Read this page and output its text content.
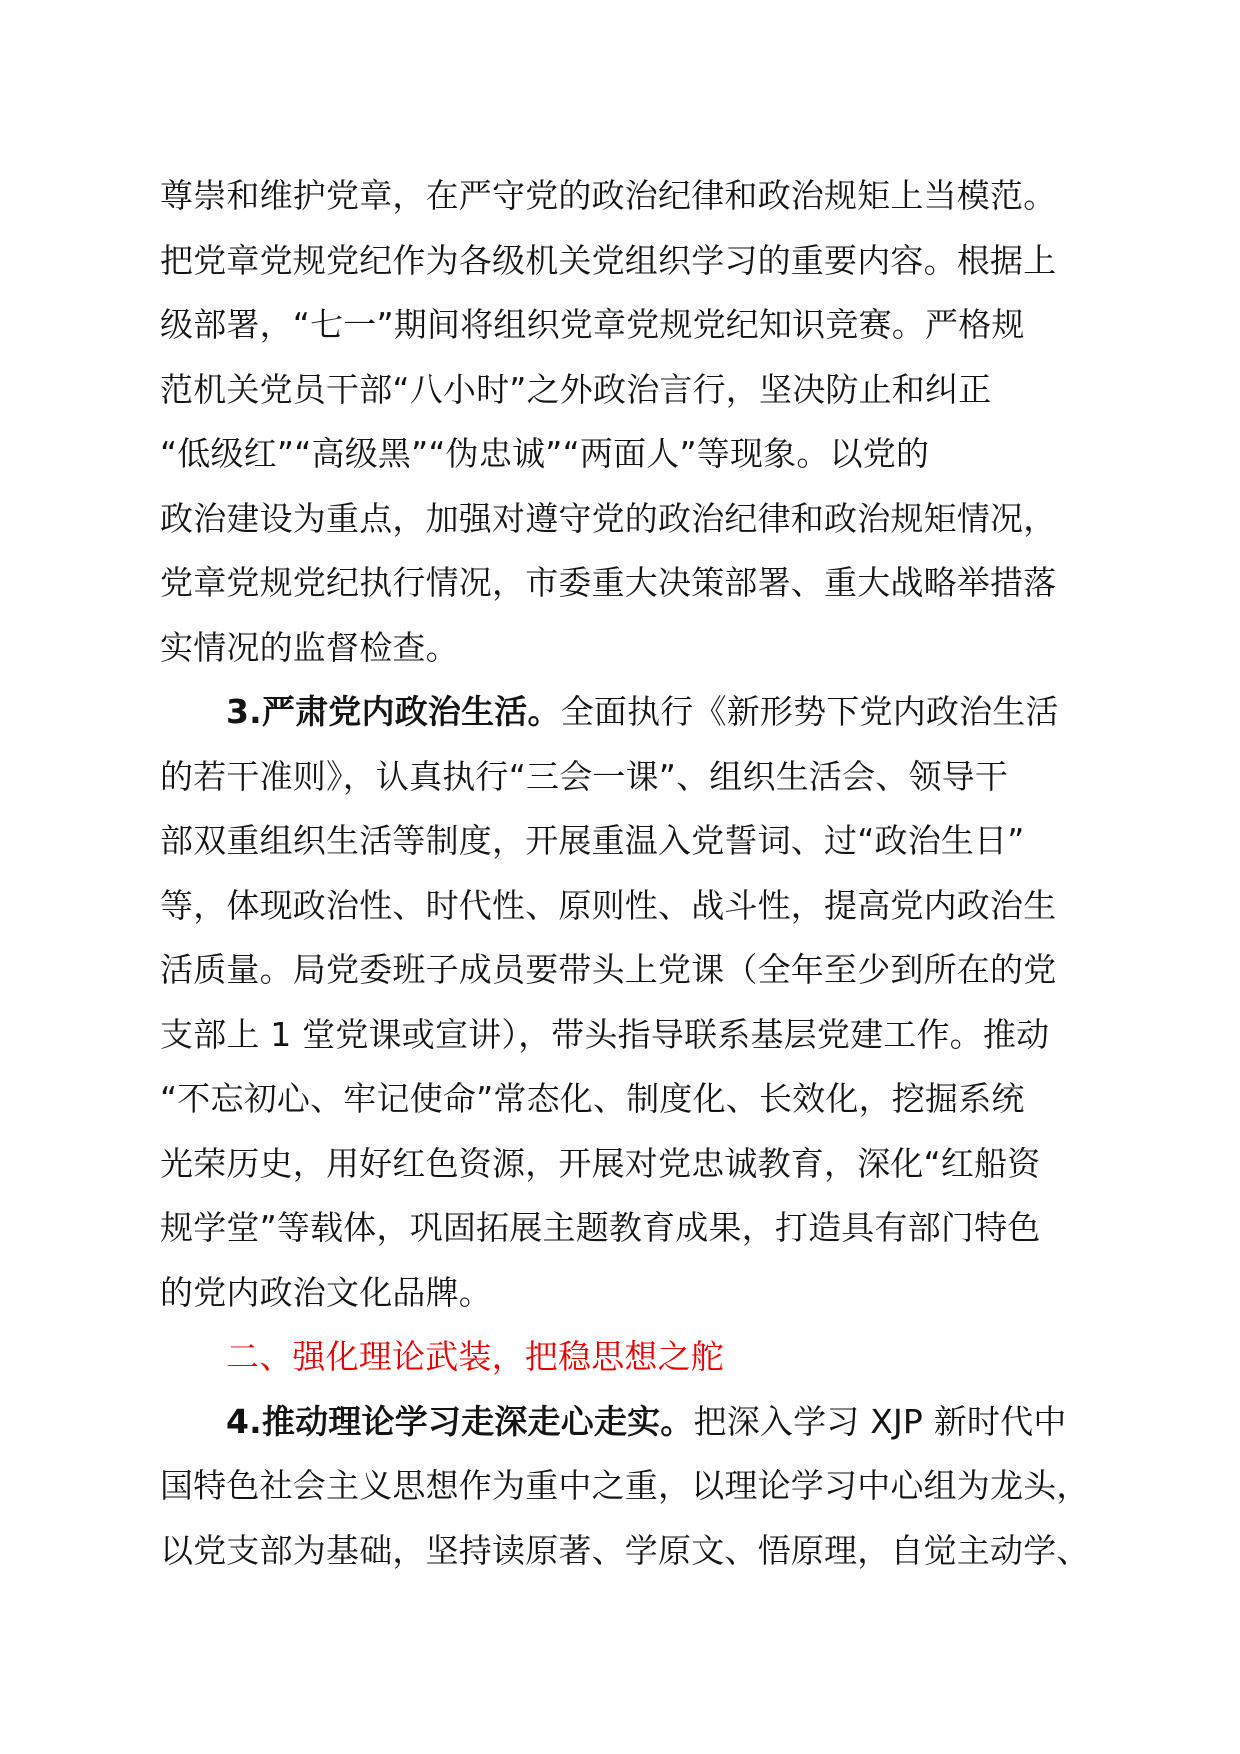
尊崇和维护党章，在严守党的政治纪律和政治规矩上当模范。
把党章党规党纪作为各级机关党组织学习的重要内容。根据上
级部署，“七一”期间将组织党章党规党纪知识竞赛。严格规
范机关党员干部“八小时”之外政治言行，坚决防止和纠正
“低级红”“高级黑”“伪忠诚”“两面人”等现象。以党的
政治建设为重点，加强对遵守党的政治纪律和政治规矩情况，
党章党规党纪执行情况，市委重大决策部署、重大战略举措落
实情况的监督检查。
3.严肃党内政治生活。全面执行《新形势下党内政治生活
的若干准则》，认真执行“三会一课”、组织生活会、领导干
部双重组织生活等制度，开展重温入党誓词、过“政治生日”
等，体现政治性、时代性、原则性、战斗性，提高党内政治生
活质量。局党委班子成员要带头上党课（全年至少到所在的党
支部上 1 堂党课或宣讲），带头指导联系基层党建工作。推动
“不忘初心、牢记使命”常态化、制度化、长效化，挖掘系统
光荣历史，用好红色资源，开展对党忠诚教育，深化“红船资
规学堂”等载体，巩固拓展主题教育成果，打造具有部门特色
的党内政治文化品牌。
二、强化理论武装，把稳思想之舵
4.推动理论学习走深走心走实。把深入学习 XJP 新时代中
国特色社会主义思想作为重中之重，以理论学习中心组为龙头，
以党支部为基础，坚持读原著、学原文、悟原理，自觉主动学、
